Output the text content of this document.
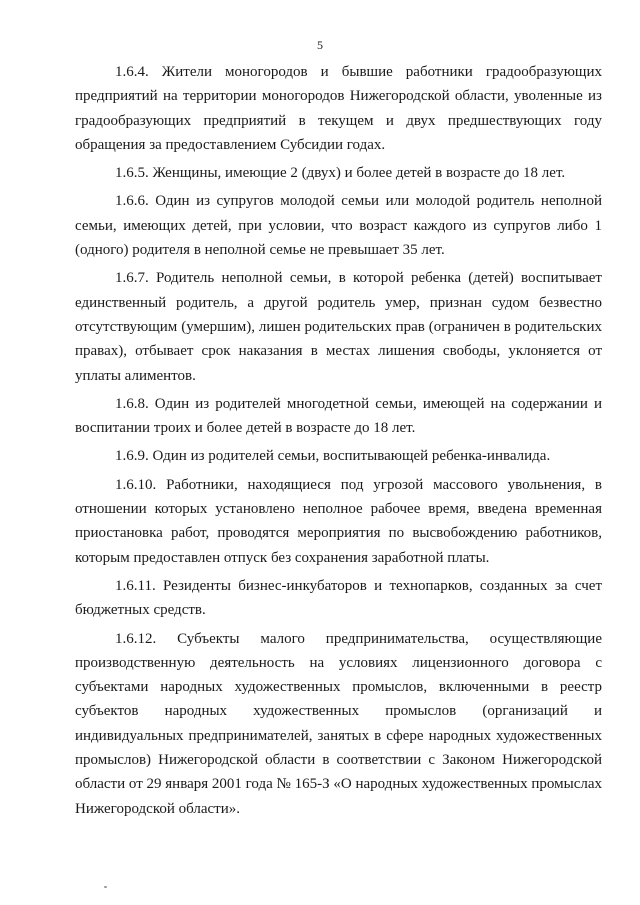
5

1.6.4. Жители моногородов и бывшие работники градообразующих предприятий на территории моногородов Нижегородской области, уволенные из градообразующих предприятий в текущем и двух предшествующих году обращения за предоставлением Субсидии годах.

1.6.5. Женщины, имеющие 2 (двух) и более детей в возрасте до 18 лет.

1.6.6. Один из супругов молодой семьи или молодой родитель неполной семьи, имеющих детей, при условии, что возраст каждого из супругов либо 1 (одного) родителя в неполной семье не превышает 35 лет.

1.6.7. Родитель неполной семьи, в которой ребенка (детей) воспитывает единственный родитель, а другой родитель умер, признан судом безвестно отсутствующим (умершим), лишен родительских прав (ограничен в родительских правах), отбывает срок наказания в местах лишения свободы, уклоняется от уплаты алиментов.

1.6.8. Один из родителей многодетной семьи, имеющей на содержании и воспитании троих и более детей в возрасте до 18 лет.

1.6.9. Один из родителей семьи, воспитывающей ребенка-инвалида.

1.6.10. Работники, находящиеся под угрозой массового увольнения, в отношении которых установлено неполное рабочее время, введена временная приостановка работ, проводятся мероприятия по высвобождению работников, которым предоставлен отпуск без сохранения заработной платы.

1.6.11. Резиденты бизнес-инкубаторов и технопарков, созданных за счет бюджетных средств.

1.6.12. Субъекты малого предпринимательства, осуществляющие производственную деятельность на условиях лицензионного договора с субъектами народных художественных промыслов, включенными в реестр субъектов народных художественных промыслов (организаций и индивидуальных предпринимателей, занятых в сфере народных художественных промыслов) Нижегородской области в соответствии с Законом Нижегородской области от 29 января 2001 года № 165-З «О народных художественных промыслах Нижегородской области».
